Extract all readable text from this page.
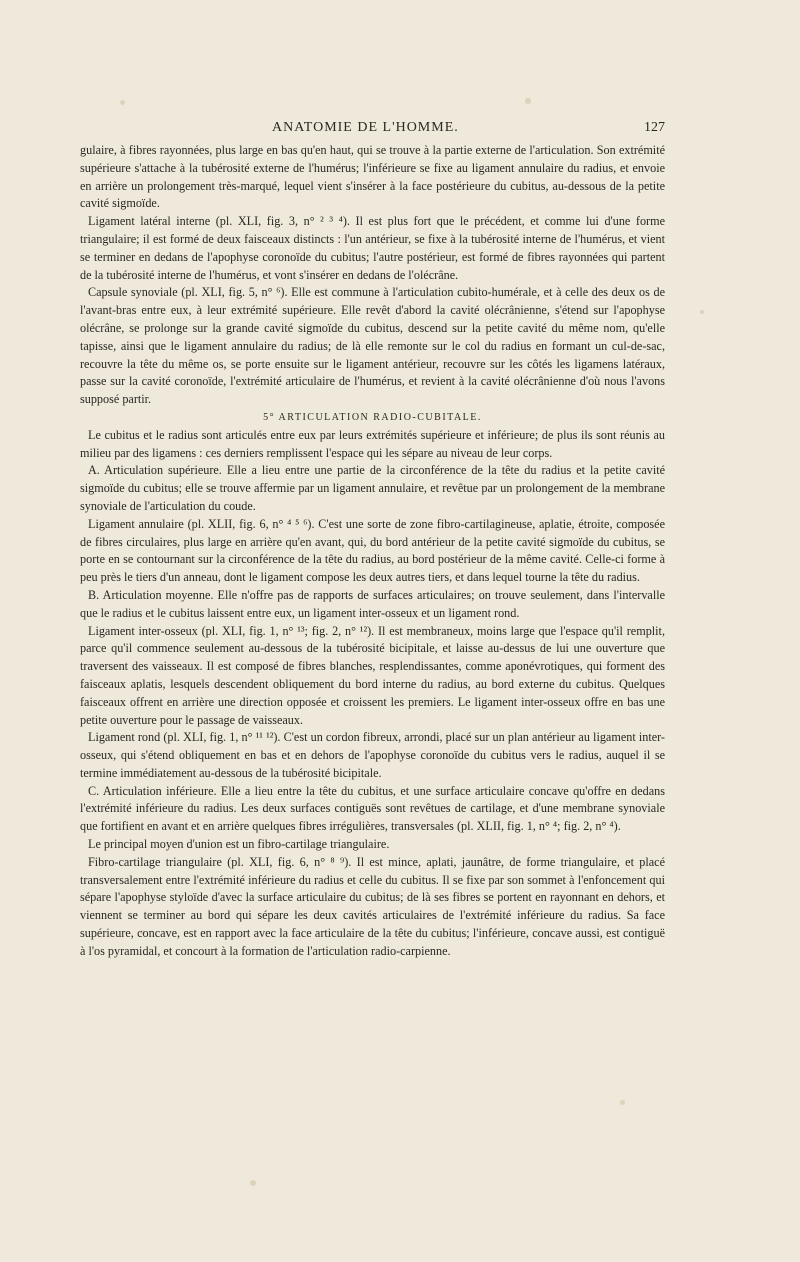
ANATOMIE DE L'HOMME.	127

gulaire, à fibres rayonnées, plus large en bas qu'en haut, qui se trouve à la partie externe de l'articulation. Son extrémité supérieure s'attache à la tubérosité externe de l'humérus; l'inférieure se fixe au ligament annulaire du radius, et envoie en arrière un prolongement très-marqué, lequel vient s'insérer à la face postérieure du cubitus, au-dessous de la petite cavité sigmoïde.

Ligament latéral interne (pl. XLI, fig. 3, n° ² ³ ⁴). Il est plus fort que le précédent, et comme lui d'une forme triangulaire; il est formé de deux faisceaux distincts : l'un antérieur, se fixe à la tubérosité interne de l'humérus, et vient se terminer en dedans de l'apophyse coronoïde du cubitus; l'autre postérieur, est formé de fibres rayonnées qui partent de la tubérosité interne de l'humérus, et vont s'insérer en dedans de l'olécrâne.

Capsule synoviale (pl. XLI, fig. 5, n° ⁶). Elle est commune à l'articulation cubito-humérale, et à celle des deux os de l'avant-bras entre eux, à leur extrémité supérieure. Elle revêt d'abord la cavité olécrânienne, s'étend sur l'apophyse olécrâne, se prolonge sur la grande cavité sigmoïde du cubitus, descend sur la petite cavité du même nom, qu'elle tapisse, ainsi que le ligament annulaire du radius; de là elle remonte sur le col du radius en formant un cul-de-sac, recouvre la tête du même os, se porte ensuite sur le ligament antérieur, recouvre sur les côtés les ligamens latéraux, passe sur la cavité coronoïde, l'extrémité articulaire de l'humérus, et revient à la cavité olécrânienne d'où nous l'avons supposé partir.

5° ARTICULATION RADIO-CUBITALE.

Le cubitus et le radius sont articulés entre eux par leurs extrémités supérieure et inférieure; de plus ils sont réunis au milieu par des ligamens : ces derniers remplissent l'espace qui les sépare au niveau de leur corps.

A. Articulation supérieure. Elle a lieu entre une partie de la circonférence de la tête du radius et la petite cavité sigmoïde du cubitus; elle se trouve affermie par un ligament annulaire, et revêtue par un prolongement de la membrane synoviale de l'articulation du coude.

Ligament annulaire (pl. XLII, fig. 6, n° ⁴ ⁵ ⁶). C'est une sorte de zone fibro-cartilagineuse, aplatie, étroite, composée de fibres circulaires, plus large en arrière qu'en avant, qui, du bord antérieur de la petite cavité sigmoïde du cubitus, se porte en se contournant sur la circonférence de la tête du radius, au bord postérieur de la même cavité. Celle-ci forme à peu près le tiers d'un anneau, dont le ligament compose les deux autres tiers, et dans lequel tourne la tête du radius.

B. Articulation moyenne. Elle n'offre pas de rapports de surfaces articulaires; on trouve seulement, dans l'intervalle que le radius et le cubitus laissent entre eux, un ligament inter-osseux et un ligament rond.

Ligament inter-osseux (pl. XLI, fig. 1, n° ¹³; fig. 2, n° ¹²). Il est membraneux, moins large que l'espace qu'il remplit, parce qu'il commence seulement au-dessous de la tubérosité bicipitale, et laisse au-dessus de lui une ouverture que traversent des vaisseaux. Il est composé de fibres blanches, resplendissantes, comme aponévrotiques, qui forment des faisceaux aplatis, lesquels descendent obliquement du bord interne du radius, au bord externe du cubitus. Quelques faisceaux offrent en arrière une direction opposée et croissent les premiers. Le ligament inter-osseux offre en bas une petite ouverture pour le passage de vaisseaux.

Ligament rond (pl. XLI, fig. 1, n° ¹¹ ¹²). C'est un cordon fibreux, arrondi, placé sur un plan antérieur au ligament inter-osseux, qui s'étend obliquement en bas et en dehors de l'apophyse coronoïde du cubitus vers le radius, auquel il se termine immédiatement au-dessous de la tubérosité bicipitale.

C. Articulation inférieure. Elle a lieu entre la tête du cubitus, et une surface articulaire concave qu'offre en dedans l'extrémité inférieure du radius. Les deux surfaces contiguës sont revêtues de cartilage, et d'une membrane synoviale que fortifient en avant et en arrière quelques fibres irrégulières, transversales (pl. XLII, fig. 1, n° ⁴; fig. 2, n° ⁴).

Le principal moyen d'union est un fibro-cartilage triangulaire.

Fibro-cartilage triangulaire (pl. XLI, fig. 6, n° ⁸ ⁹). Il est mince, aplati, jaunâtre, de forme triangulaire, et placé transversalement entre l'extrémité inférieure du radius et celle du cubitus. Il se fixe par son sommet à l'enfoncement qui sépare l'apophyse styloïde d'avec la surface articulaire du cubitus; de là ses fibres se portent en rayonnant en dehors, et viennent se terminer au bord qui sépare les deux cavités articulaires de l'extrémité inférieure du radius. Sa face supérieure, concave, est en rapport avec la face articulaire de la tête du cubitus; l'inférieure, concave aussi, est contiguë à l'os pyramidal, et concourt à la formation de l'articulation radio-carpienne.
